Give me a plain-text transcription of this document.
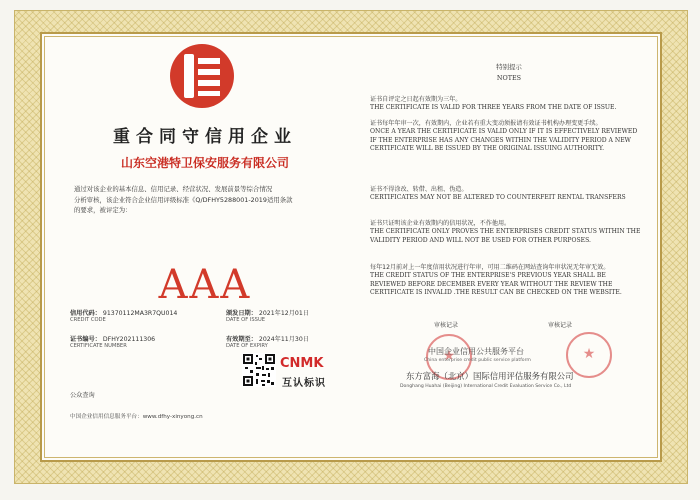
重合同守信用企业
山东空港特卫保安服务有限公司
通过对该企业的基本信息、信用记录、经营状况、发展前景等综合情况
分析审核，该企业符合企业信用评级标准《Q/DFHY5288001-2019适用条款
的要求，被评定为：
AAA
信用代码： 91370112MA3R7QU014
CREDIT CODE
颁发日期： 2021年12月01日
DATE OF ISSUE
证书编号： DFHY202111306
CERTIFICATE NUMBER
有效期至： 2024年11月30日
DATE OF EXPIRY
公众查询
中国企业信用信息服务平台：www.dfhy-xinyong.cn
CNMK
互认标识
特别提示
NOTES
证书自评定之日起有效期为三年。
THE CERTIFICATE IS VALID FOR THREE YEARS FROM THE DATE OF ISSUE.
证书每年年审一次，有效期内，企业若有重大变动须报请有效证书机构办理变更手续。
ONCE A YEAR THE CERTIFICATE IS VALID ONLY IF IT IS EFFECTIVELY REVIEWED IF THE ENTERPRISE HAS ANY CHANGES WITHIN THE VALIDITY PERIOD A NEW CERTIFICATE WILL BE ISSUED BY THE ORIGINAL ISSUING AUTHORITY.
证书不得涂改、转借、出租、伪造。
CERTIFICATES MAY NOT BE ALTERED TO COUNTERFEIT RENTAL TRANSFERS
证书只证明该企业有效期内的信用状况，不作他用。
THE CERTIFICATE ONLY PROVES THE ENTERPRISES CREDIT STATUS WITHIN THE VALIDITY PERIOD AND WILL NOT BE USED FOR OTHER PURPOSES.
每年12月前对上一年度信用状况进行年审，可用二维码在网站查询年审状况无年审无效。
THE CREDIT STATUS OF THE ENTERPRISE'S PREVIOUS YEAR SHALL BE REVIEWED BEFORE DECEMBER EVERY YEAR WITHOUT THE REVIEW THE CERTIFICATE IS INVALID .THE RESULT CAN BE CHECKED ON THE WEBSITE.
审核记录	审核记录
★
★
中国企业信用公共服务平台
China enterprise credit public service platform
东方富海（北京）国际信用评估服务有限公司
Donghang Huahai (Beijing) International Credit Evaluation Service Co., Ltd
